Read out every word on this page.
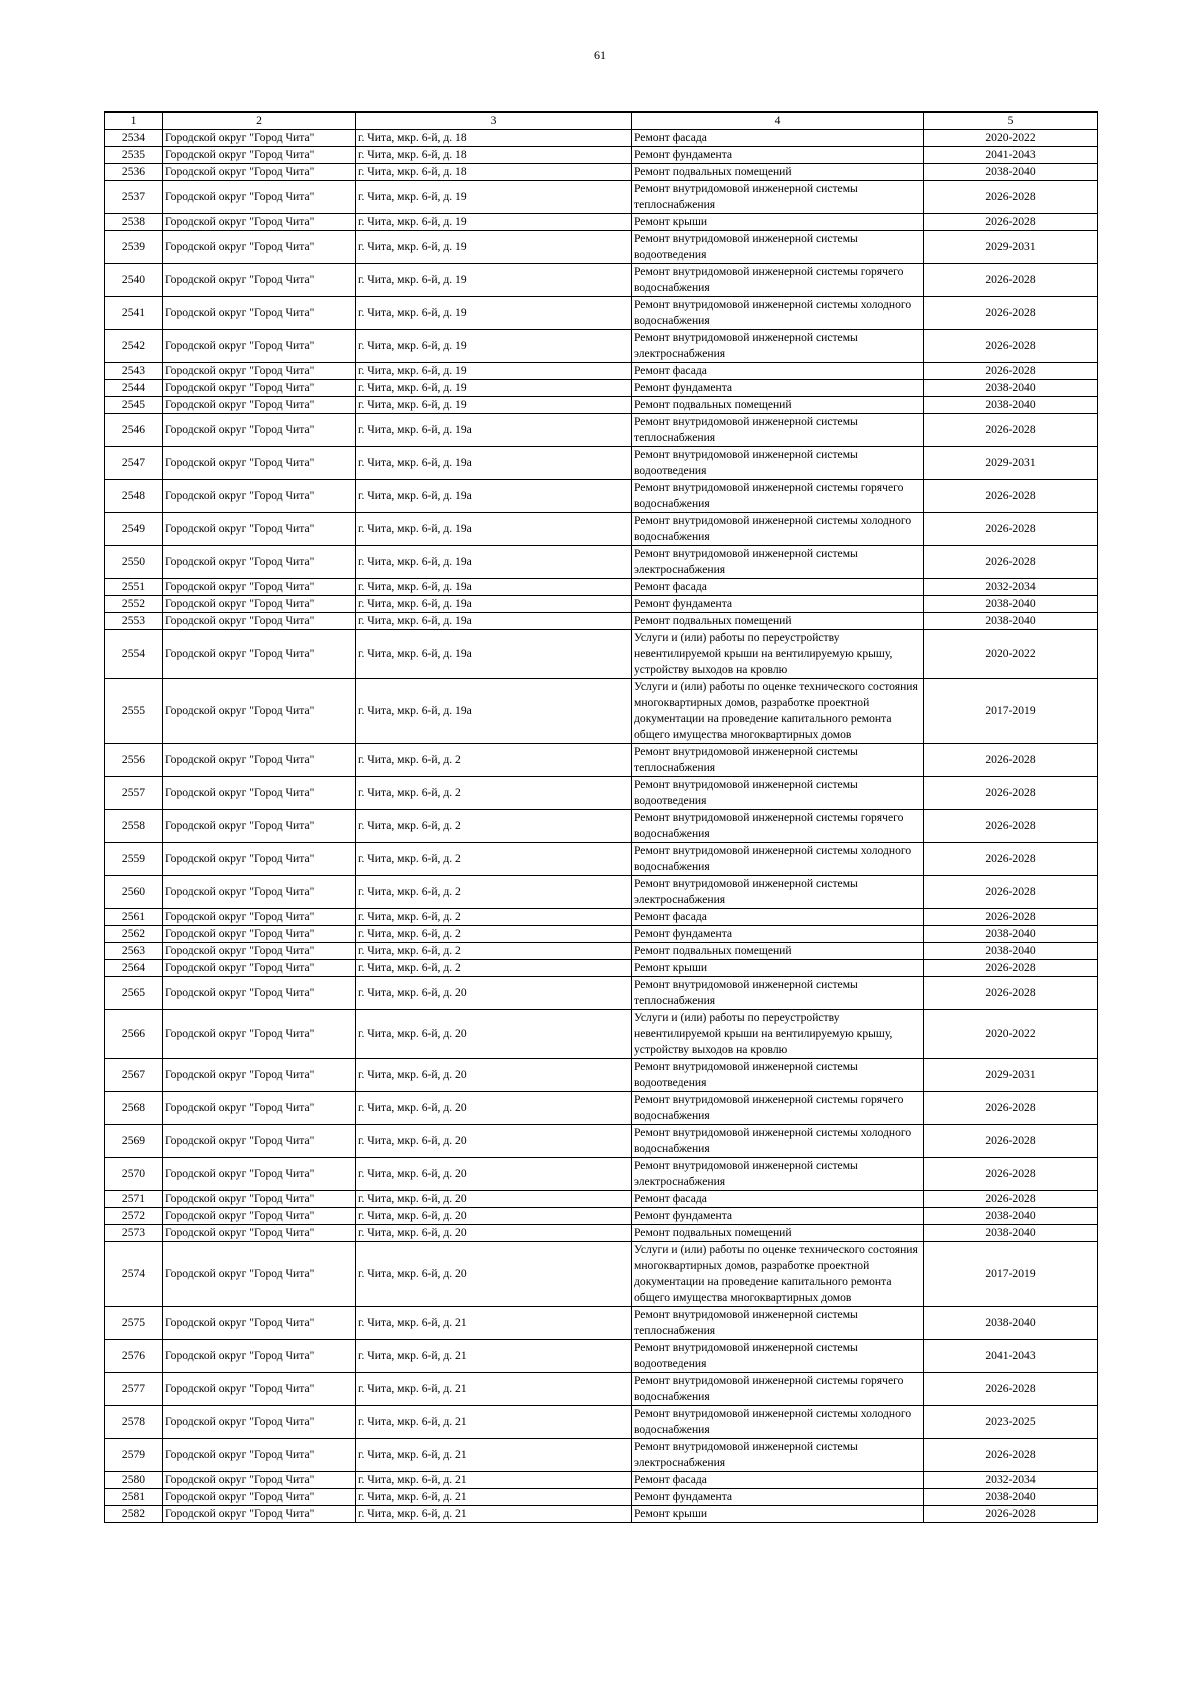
61
1	2	3	4	5
2534	Городской округ "Город Чита"	г. Чита, мкр. 6-й, д. 18	Ремонт фасада	2020-2022
2535	Городской округ "Город Чита"	г. Чита, мкр. 6-й, д. 18	Ремонт фундамента	2041-2043
2536	Городской округ "Город Чита"	г. Чита, мкр. 6-й, д. 18	Ремонт подвальных помещений	2038-2040
2537	Городской округ "Город Чита"	г. Чита, мкр. 6-й, д. 19	Ремонт внутридомовой инженерной системы теплоснабжения	2026-2028
2538	Городской округ "Город Чита"	г. Чита, мкр. 6-й, д. 19	Ремонт крыши	2026-2028
2539	Городской округ "Город Чита"	г. Чита, мкр. 6-й, д. 19	Ремонт внутридомовой инженерной системы водоотведения	2029-2031
2540	Городской округ "Город Чита"	г. Чита, мкр. 6-й, д. 19	Ремонт внутридомовой инженерной системы горячего водоснабжения	2026-2028
2541	Городской округ "Город Чита"	г. Чита, мкр. 6-й, д. 19	Ремонт внутридомовой инженерной системы холодного водоснабжения	2026-2028
2542	Городской округ "Город Чита"	г. Чита, мкр. 6-й, д. 19	Ремонт внутридомовой инженерной системы электроснабжения	2026-2028
2543	Городской округ "Город Чита"	г. Чита, мкр. 6-й, д. 19	Ремонт фасада	2026-2028
2544	Городской округ "Город Чита"	г. Чита, мкр. 6-й, д. 19	Ремонт фундамента	2038-2040
2545	Городской округ "Город Чита"	г. Чита, мкр. 6-й, д. 19	Ремонт подвальных помещений	2038-2040
2546	Городской округ "Город Чита"	г. Чита, мкр. 6-й, д. 19а	Ремонт внутридомовой инженерной системы теплоснабжения	2026-2028
2547	Городской округ "Город Чита"	г. Чита, мкр. 6-й, д. 19а	Ремонт внутридомовой инженерной системы водоотведения	2029-2031
2548	Городской округ "Город Чита"	г. Чита, мкр. 6-й, д. 19а	Ремонт внутридомовой инженерной системы горячего водоснабжения	2026-2028
2549	Городской округ "Город Чита"	г. Чита, мкр. 6-й, д. 19а	Ремонт внутридомовой инженерной системы холодного водоснабжения	2026-2028
2550	Городской округ "Город Чита"	г. Чита, мкр. 6-й, д. 19а	Ремонт внутридомовой инженерной системы электроснабжения	2026-2028
2551	Городской округ "Город Чита"	г. Чита, мкр. 6-й, д. 19а	Ремонт фасада	2032-2034
2552	Городской округ "Город Чита"	г. Чита, мкр. 6-й, д. 19а	Ремонт фундамента	2038-2040
2553	Городской округ "Город Чита"	г. Чита, мкр. 6-й, д. 19а	Ремонт подвальных помещений	2038-2040
2554	Городской округ "Город Чита"	г. Чита, мкр. 6-й, д. 19а	Услуги и (или) работы по переустройству невентилируемой крыши на вентилируемую крышу, устройству выходов на кровлю	2020-2022
2555	Городской округ "Город Чита"	г. Чита, мкр. 6-й, д. 19а	Услуги и (или) работы по оценке технического состояния многоквартирных домов, разработке проектной документации на проведение капитального ремонта общего имущества многоквартирных домов	2017-2019
2556	Городской округ "Город Чита"	г. Чита, мкр. 6-й, д. 2	Ремонт внутридомовой инженерной системы теплоснабжения	2026-2028
2557	Городской округ "Город Чита"	г. Чита, мкр. 6-й, д. 2	Ремонт внутридомовой инженерной системы водоотведения	2026-2028
2558	Городской округ "Город Чита"	г. Чита, мкр. 6-й, д. 2	Ремонт внутридомовой инженерной системы горячего водоснабжения	2026-2028
2559	Городской округ "Город Чита"	г. Чита, мкр. 6-й, д. 2	Ремонт внутридомовой инженерной системы холодного водоснабжения	2026-2028
2560	Городской округ "Город Чита"	г. Чита, мкр. 6-й, д. 2	Ремонт внутридомовой инженерной системы электроснабжения	2026-2028
2561	Городской округ "Город Чита"	г. Чита, мкр. 6-й, д. 2	Ремонт фасада	2026-2028
2562	Городской округ "Город Чита"	г. Чита, мкр. 6-й, д. 2	Ремонт фундамента	2038-2040
2563	Городской округ "Город Чита"	г. Чита, мкр. 6-й, д. 2	Ремонт подвальных помещений	2038-2040
2564	Городской округ "Город Чита"	г. Чита, мкр. 6-й, д. 2	Ремонт крыши	2026-2028
2565	Городской округ "Город Чита"	г. Чита, мкр. 6-й, д. 20	Ремонт внутридомовой инженерной системы теплоснабжения	2026-2028
2566	Городской округ "Город Чита"	г. Чита, мкр. 6-й, д. 20	Услуги и (или) работы по переустройству невентилируемой крыши на вентилируемую крышу, устройству выходов на кровлю	2020-2022
2567	Городской округ "Город Чита"	г. Чита, мкр. 6-й, д. 20	Ремонт внутридомовой инженерной системы водоотведения	2029-2031
2568	Городской округ "Город Чита"	г. Чита, мкр. 6-й, д. 20	Ремонт внутридомовой инженерной системы горячего водоснабжения	2026-2028
2569	Городской округ "Город Чита"	г. Чита, мкр. 6-й, д. 20	Ремонт внутридомовой инженерной системы холодного водоснабжения	2026-2028
2570	Городской округ "Город Чита"	г. Чита, мкр. 6-й, д. 20	Ремонт внутридомовой инженерной системы электроснабжения	2026-2028
2571	Городской округ "Город Чита"	г. Чита, мкр. 6-й, д. 20	Ремонт фасада	2026-2028
2572	Городской округ "Город Чита"	г. Чита, мкр. 6-й, д. 20	Ремонт фундамента	2038-2040
2573	Городской округ "Город Чита"	г. Чита, мкр. 6-й, д. 20	Ремонт подвальных помещений	2038-2040
2574	Городской округ "Город Чита"	г. Чита, мкр. 6-й, д. 20	Услуги и (или) работы по оценке технического состояния многоквартирных домов, разработке проектной документации на проведение капитального ремонта общего имущества многоквартирных домов	2017-2019
2575	Городской округ "Город Чита"	г. Чита, мкр. 6-й, д. 21	Ремонт внутридомовой инженерной системы теплоснабжения	2038-2040
2576	Городской округ "Город Чита"	г. Чита, мкр. 6-й, д. 21	Ремонт внутридомовой инженерной системы водоотведения	2041-2043
2577	Городской округ "Город Чита"	г. Чита, мкр. 6-й, д. 21	Ремонт внутридомовой инженерной системы горячего водоснабжения	2026-2028
2578	Городской округ "Город Чита"	г. Чита, мкр. 6-й, д. 21	Ремонт внутридомовой инженерной системы холодного водоснабжения	2023-2025
2579	Городской округ "Город Чита"	г. Чита, мкр. 6-й, д. 21	Ремонт внутридомовой инженерной системы электроснабжения	2026-2028
2580	Городской округ "Город Чита"	г. Чита, мкр. 6-й, д. 21	Ремонт фасада	2032-2034
2581	Городской округ "Город Чита"	г. Чита, мкр. 6-й, д. 21	Ремонт фундамента	2038-2040
2582	Городской округ "Город Чита"	г. Чита, мкр. 6-й, д. 21	Ремонт крыши	2026-2028
